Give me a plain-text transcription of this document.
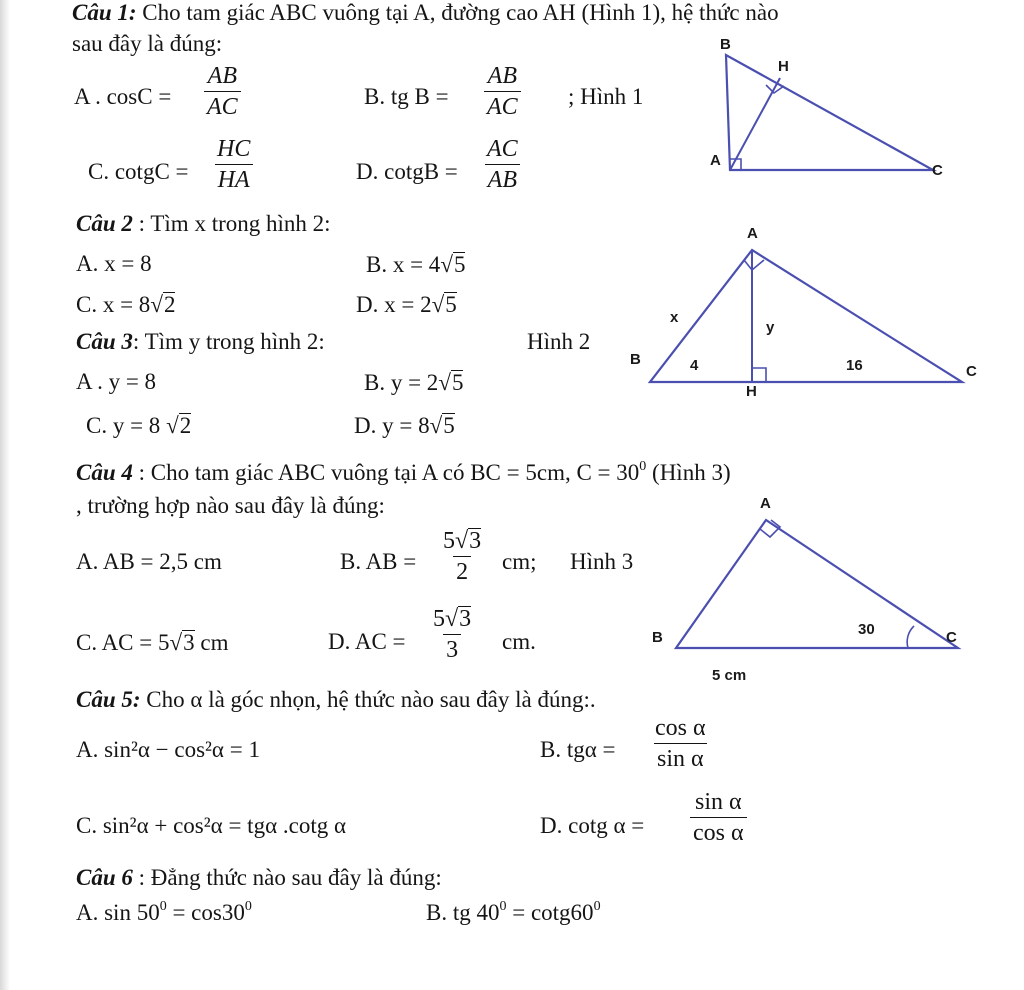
Câu 1: Cho tam giác ABC vuông tại A, đường cao AH (Hình 1), hệ thức nào
sau đây là đúng:
A . $\cos C = \frac{AB}{AC}$	B. tg $B = \frac{AB}{AC}$ ; Hình 1
C. cotgC = $\frac{HC}{HA}$	D. cotgB = $\frac{AC}{AB}$
B
H
A
C
Câu 2 : Tìm x trong hình 2:
A. x = 8	B. x = 4√5
C. x = 8√2	D. x = 2√5
Câu 3: Tìm y trong hình 2:	Hình 2
A . y = 8	B. y = 2√5
C. y = 8 √2	D. y = 8√5
A
B
C
H
x
y
4	16
Câu 4 : Cho tam giác ABC vuông tại A có BC = 5cm, $C = 30^0$ (Hình 3)
, trường hợp nào sau đây là đúng:
A. AB = 2,5 cm	B. AB = $\frac{5√3}{2}$ cm; Hình 3
C. AC = 5√3 cm	D. AC = $\frac{5√3}{3}$ cm.
A
B	C
30
5 cm
Câu 5: Cho α là góc nhọn, hệ thức nào sau đây là đúng:.
A. sin²α − cos²α = 1	B. $tg\alpha = \frac{\text{cos α}}{\text{sin α}}$
C. sin²α + cos²α = tgα .cotg α	D. cotg $\alpha = \frac{\text{sin α}}{\text{cos α}}$
Câu 6 : Đẳng thức nào sau đây là đúng:
A. $\sin 50^0 = \cos 30^0$	B. tg $40^0 = \cot g60^0$
